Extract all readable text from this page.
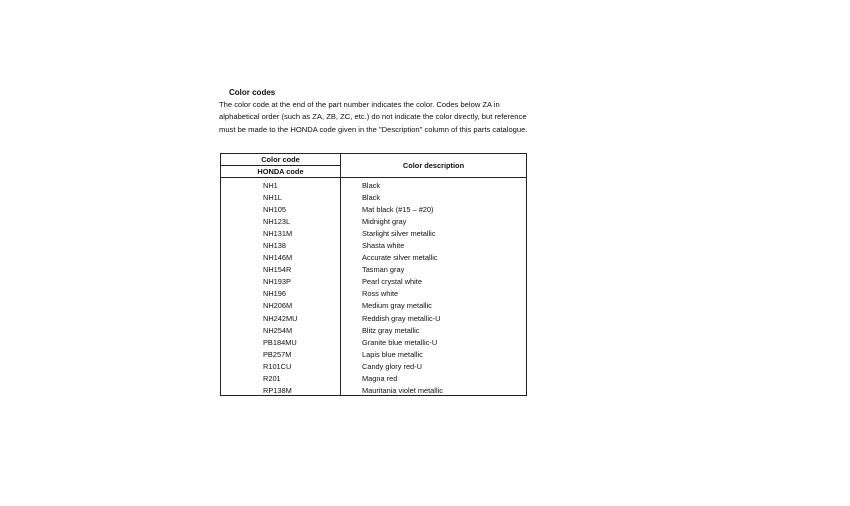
Color codes

The color code at the end of the part number indicates the color. Codes below ZA in alphabetical order (such as ZA, ZB, ZC, etc.) do not indicate the color directly, but reference must be made to the HONDA code given in the "Description" column of this parts catalogue.

Color code
HONDA code
Color description
NH1	Black
NH1L	Black
NH105	Mat black (#15 – #20)
NH123L	Midnight gray
NH131M	Starlight silver metallic
NH138	Shasta white
NH146M	Accurate silver metallic
NH154R	Tasman gray
NH193P	Pearl crystal white
NH196	Ross white
NH206M	Medium gray metallic
NH242MU	Reddish gray metallic-U
NH254M	Blitz gray metallic
PB184MU	Granite blue metallic-U
PB257M	Lapis blue metallic
R101CU	Candy glory red-U
R201	Magna red
RP138M	Mauritania violet metallic
